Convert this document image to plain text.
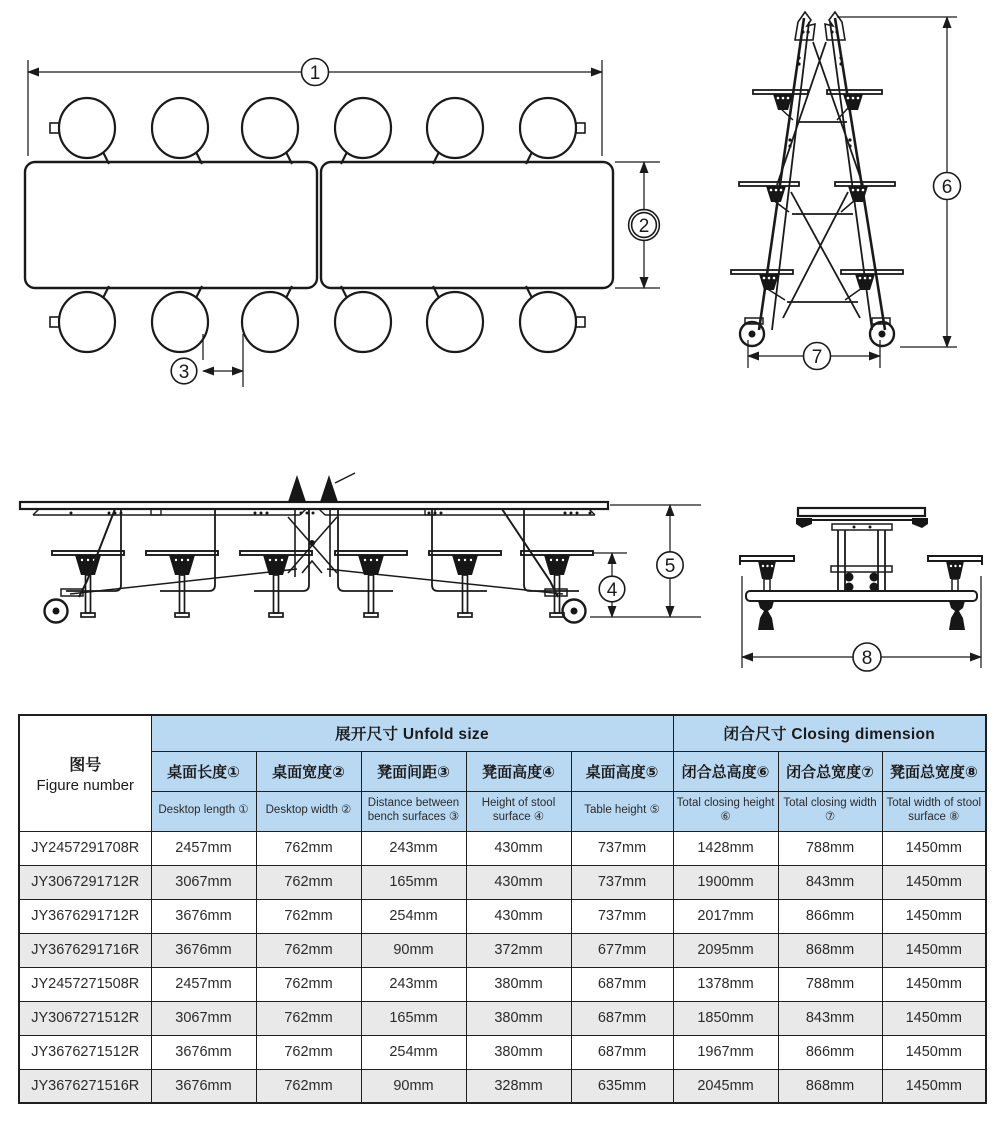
1
2
3
6
7
4
5
8
图号
Figure number	展开尺寸 Unfold size					闭合尺寸 Closing dimension		
	桌面长度①	桌面宽度②	凳面间距③	凳面高度④	桌面高度⑤	闭合总高度⑥	闭合总宽度⑦	凳面总宽度⑧
	Desktop length ①	Desktop width ②	Distance between bench surfaces ③	Height of stool surface ④	Table height ⑤	Total closing height ⑥	Total closing width ⑦	Total width of stool surface ⑧
JY2457291708R	2457mm	762mm	243mm	430mm	737mm	1428mm	788mm	1450mm
JY3067291712R	3067mm	762mm	165mm	430mm	737mm	1900mm	843mm	1450mm
JY3676291712R	3676mm	762mm	254mm	430mm	737mm	2017mm	866mm	1450mm
JY3676291716R	3676mm	762mm	90mm	372mm	677mm	2095mm	868mm	1450mm
JY2457271508R	2457mm	762mm	243mm	380mm	687mm	1378mm	788mm	1450mm
JY3067271512R	3067mm	762mm	165mm	380mm	687mm	1850mm	843mm	1450mm
JY3676271512R	3676mm	762mm	254mm	380mm	687mm	1967mm	866mm	1450mm
JY3676271516R	3676mm	762mm	90mm	328mm	635mm	2045mm	868mm	1450mm
